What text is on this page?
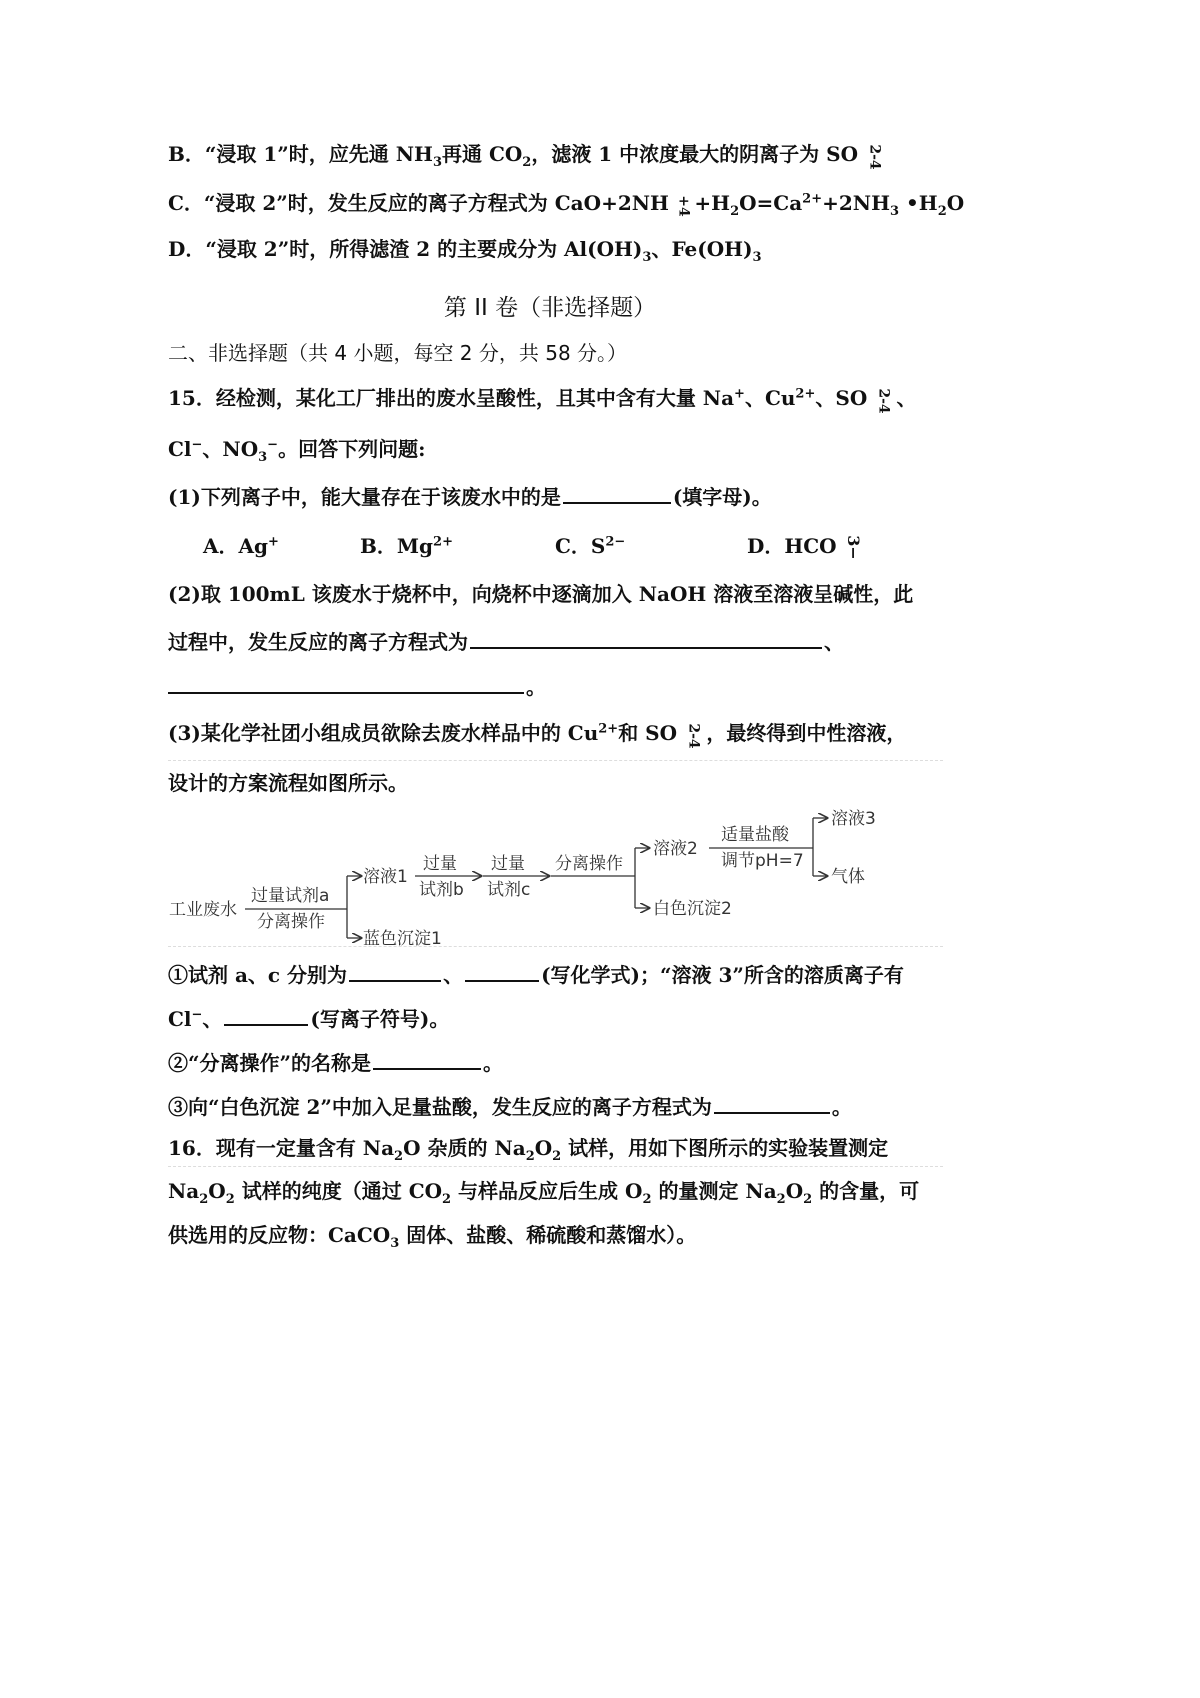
B．“浸取 1”时，应先通 $NH_3$再通 $CO_2$，滤液 1 中浓度最大的阴离子为 SO 2-4
C．“浸取 2”时，发生反应的离子方程式为 $CaO+2NH +4 +H_2O=Ca^{2+}+2NH_3$ $•H_2O$
D．“浸取 2”时，所得滤渣 2 的主要成分为 $Al(OH)_3$、$Fe(OH)_3$
第 II 卷（非选择题）
二、非选择题（共 4 小题，每空 2 分，共 58 分。）
15．经检测，某化工厂排出的废水呈酸性，且其中含有大量 Na+、$Cu^{2+}$、SO 2-4 、
Cl−、$NO_3^-$。回答下列问题:
(1)下列离子中，能大量存在于该废水中的是	(填字母)。
A．Ag+	B．$Mg^{2+}$	C．$S^{2-}$	D．HCO 3−
(2)取 100mL 该废水于烧杯中，向烧杯中逐滴加入 NaOH 溶液至溶液呈碱性，此
过程中，发生反应的离子方程式为	、
。
(3)某化学社团小组成员欲除去废水样品中的 $Cu^{2+}$和 SO 2-4 ，最终得到中性溶液，
设计的方案流程如图所示。
工业废水
过量试剂a
分离操作
溶液1
蓝色沉淀1
过量
试剂b
过量
试剂c
分离操作
溶液2
白色沉淀2
适量盐酸
调节pH=7
溶液3
气体
①试剂 a、c 分别为	、	(写化学式)；“溶液 3”所含的溶质离子有
Cl−、	(写离子符号)。
②“分离操作”的名称是	。
③向“白色沉淀 2”中加入足量盐酸，发生反应的离子方程式为	。
16．现有一定量含有 $Na_2O$ 杂质的 $Na_2O_2$ 试样，用如下图所示的实验装置测定
$Na_2O_2$ 试样的纯度（通过 $CO_2$ 与样品反应后生成 $O_2$ 的量测定 $Na_2O_2$ 的含量，可
供选用的反应物：CaCO$_3$ 固体、盐酸、稀硫酸和蒸馏水）。
